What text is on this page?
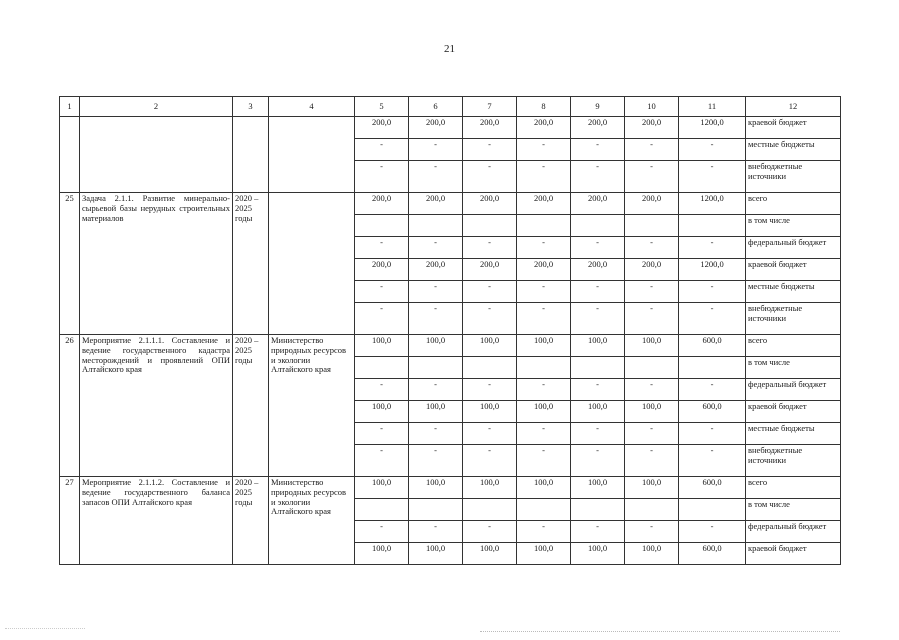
21
1	2	3	4	5	6	7	8	9	10	11	12
				200,0	200,0	200,0	200,0	200,0	200,0	1200,0	краевой бюджет
				-	-	-	-	-	-	-	местные бюджеты
				-	-	-	-	-	-	-	внебюджетные источники
25	Задача 2.1.1. Развитие минерально-сырьевой базы нерудных строительных материалов	2020 – 2025 годы		200,0	200,0	200,0	200,0	200,0	200,0	1200,0	всего
											в том числе
				-	-	-	-	-	-	-	федеральный бюджет
				200,0	200,0	200,0	200,0	200,0	200,0	1200,0	краевой бюджет
				-	-	-	-	-	-	-	местные бюджеты
				-	-	-	-	-	-	-	внебюджетные источники
26	Мероприятие 2.1.1.1. Составление и ведение государственного кадастра месторождений и проявлений ОПИ Алтайского края	2020 – 2025 годы	Министерство природных ресурсов и экологии Алтайского края	100,0	100,0	100,0	100,0	100,0	100,0	600,0	всего
											в том числе
				-	-	-	-	-	-	-	федеральный бюджет
				100,0	100,0	100,0	100,0	100,0	100,0	600,0	краевой бюджет
				-	-	-	-	-	-	-	местные бюджеты
				-	-	-	-	-	-	-	внебюджетные источники
27	Мероприятие 2.1.1.2. Составление и ведение государственного баланса запасов ОПИ Алтайского края	2020 – 2025 годы	Министерство природных ресурсов и экологии Алтайского края	100,0	100,0	100,0	100,0	100,0	100,0	600,0	всего
											в том числе
				-	-	-	-	-	-	-	федеральный бюджет
				100,0	100,0	100,0	100,0	100,0	100,0	600,0	краевой бюджет
